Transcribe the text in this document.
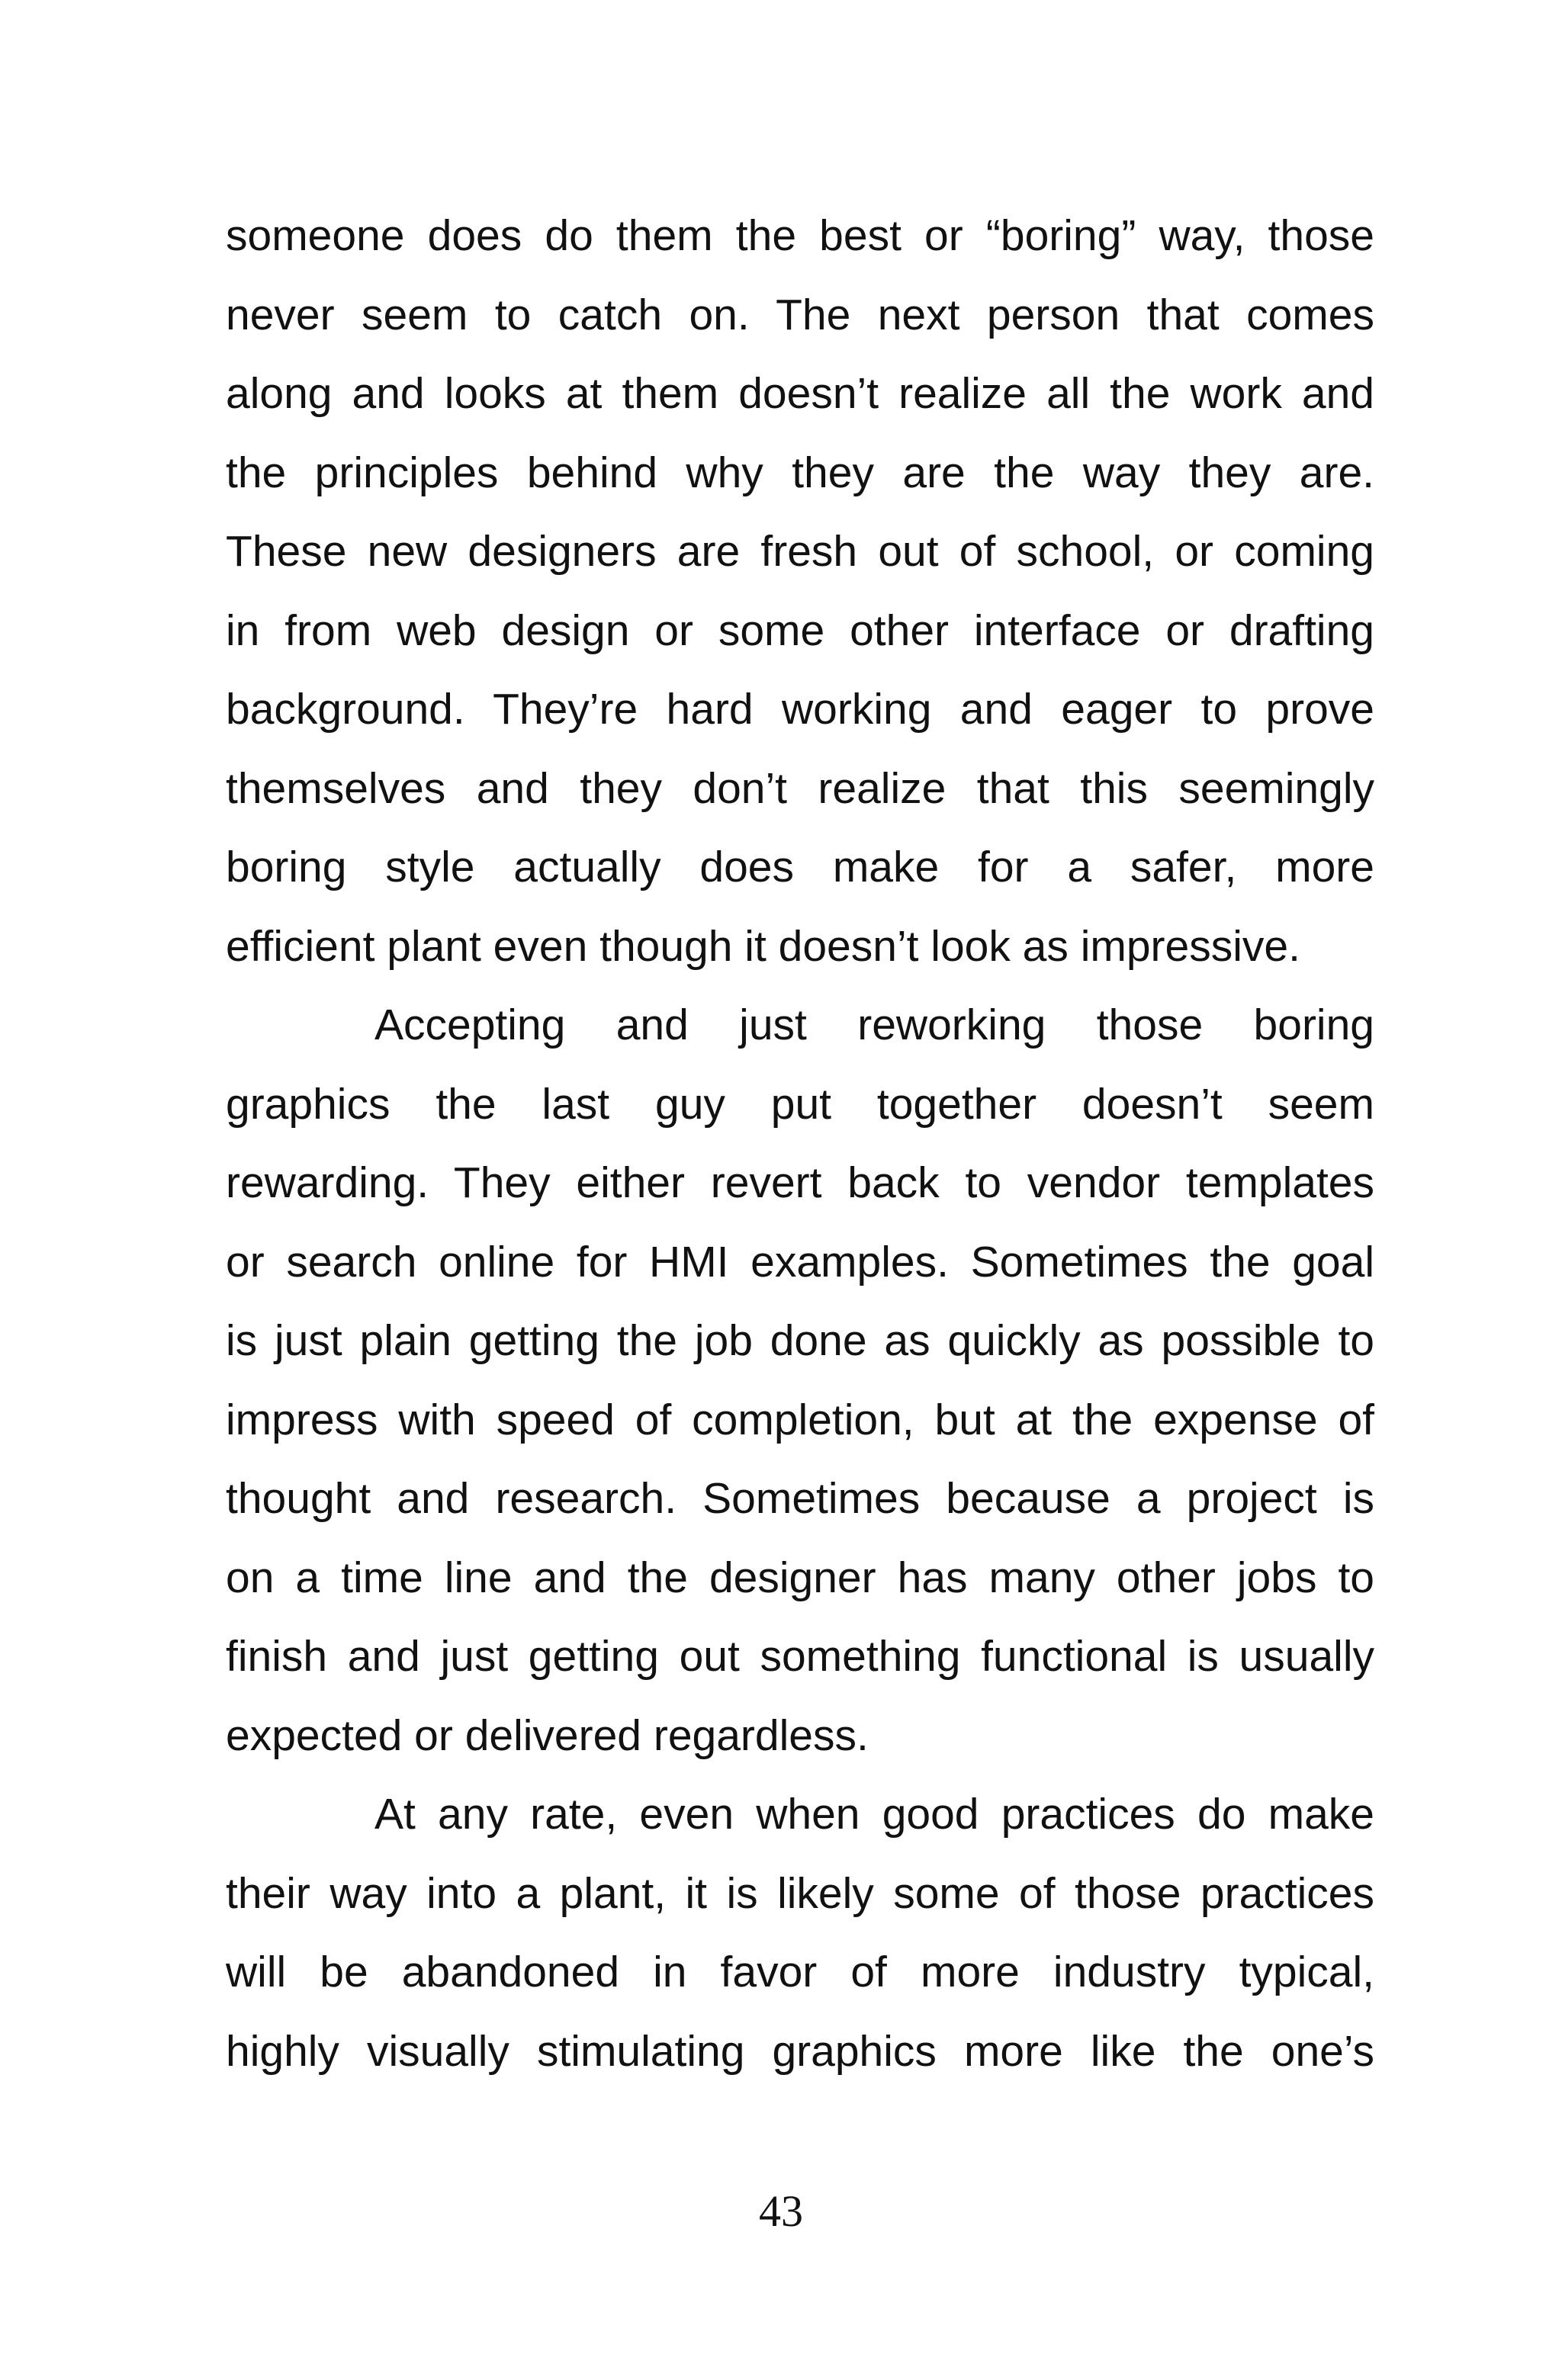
someone does do them the best or “boring” way, those
never seem to catch on. The next person that comes
along and looks at them doesn’t realize all the work and
the principles behind why they are the way they are.
These new designers are fresh out of school, or coming
in from web design or some other interface or drafting
background. They’re hard working and eager to prove
themselves and they don’t realize that this seemingly
boring style actually does make for a safer, more
efficient plant even though it doesn’t look as impressive.
Accepting and just reworking those boring
graphics the last guy put together doesn’t seem
rewarding. They either revert back to vendor templates
or search online for HMI examples. Sometimes the goal
is just plain getting the job done as quickly as possible to
impress with speed of completion, but at the expense of
thought and research. Sometimes because a project is
on a time line and the designer has many other jobs to
finish and just getting out something functional is usually
expected or delivered regardless.
At any rate, even when good practices do make
their way into a plant, it is likely some of those practices
will be abandoned in favor of more industry typical,
highly visually stimulating graphics more like the one’s
43
